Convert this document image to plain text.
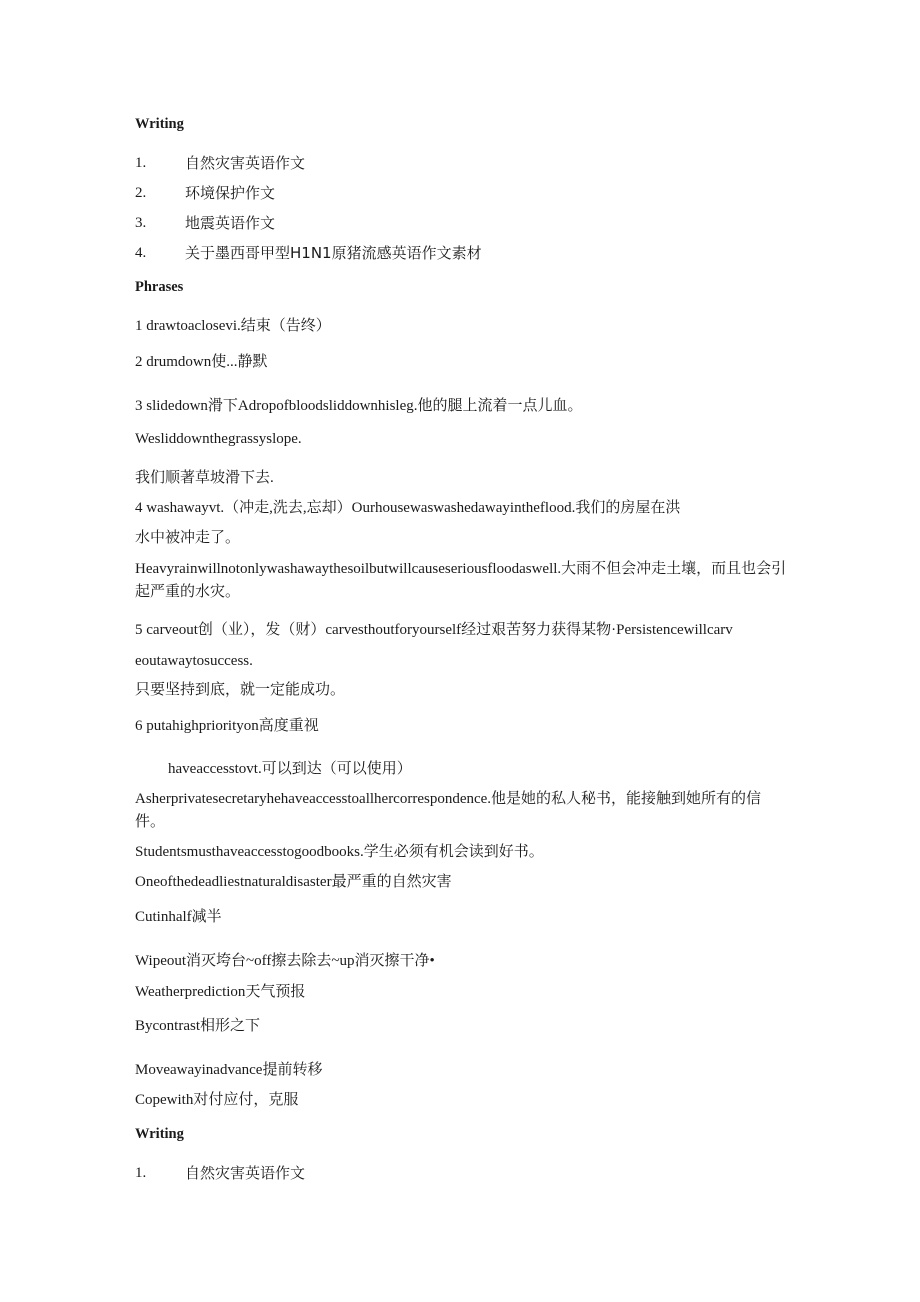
Writing
1.	自然灾害英语作文
2.	环境保护作文
3.	地震英语作文
4.	关于墨西哥甲型H1N1原猪流感英语作文素材
Phrases
1 drawtoaclosevi.结束（告终）
2 drumdown使...静默
3 slidedown滑下Adropofbloodsliddownhisleg.他的腿上流着一点儿血。
Wesliddownthegrassyslope.
我们顺著草坡滑下去.
4 washawayvt.（冲走,洗去,忘却）Ourhousewaswashedawayintheflood.我们的房屋在洪
水中被冲走了。
Heavyrainwillnotonlywashawaythesoilbutwillcauseseriousfloodaswell.大雨不但会冲走土壤，而且也会引起严重的水灾。
5 carveout创（业），发（财）carvesthoutforyourself经过艰苦努力获得某物·Persistencewillcarv
eoutawaytosuccess.
只要坚持到底，就一定能成功。
6 putahighpriorityon高度重视
haveaccesstovt.可以到达（可以使用）
Asherprivatesecretaryhehaveaccesstoallhercorrespondence.他是她的私人秘书，能接触到她所有的信件。
Studentsmusthaveaccesstogoodbooks.学生必须有机会读到好书。
Oneofthedeadliestnaturaldisaster最严重的自然灾害
Cutinhalf减半
Wipeout消灭垮台~off擦去除去~up消灭擦干净•
Weatherprediction天气预报
Bycontrast相形之下
Moveawayinadvance提前转移
Copewith对付应付，克服
Writing
1.	自然灾害英语作文
